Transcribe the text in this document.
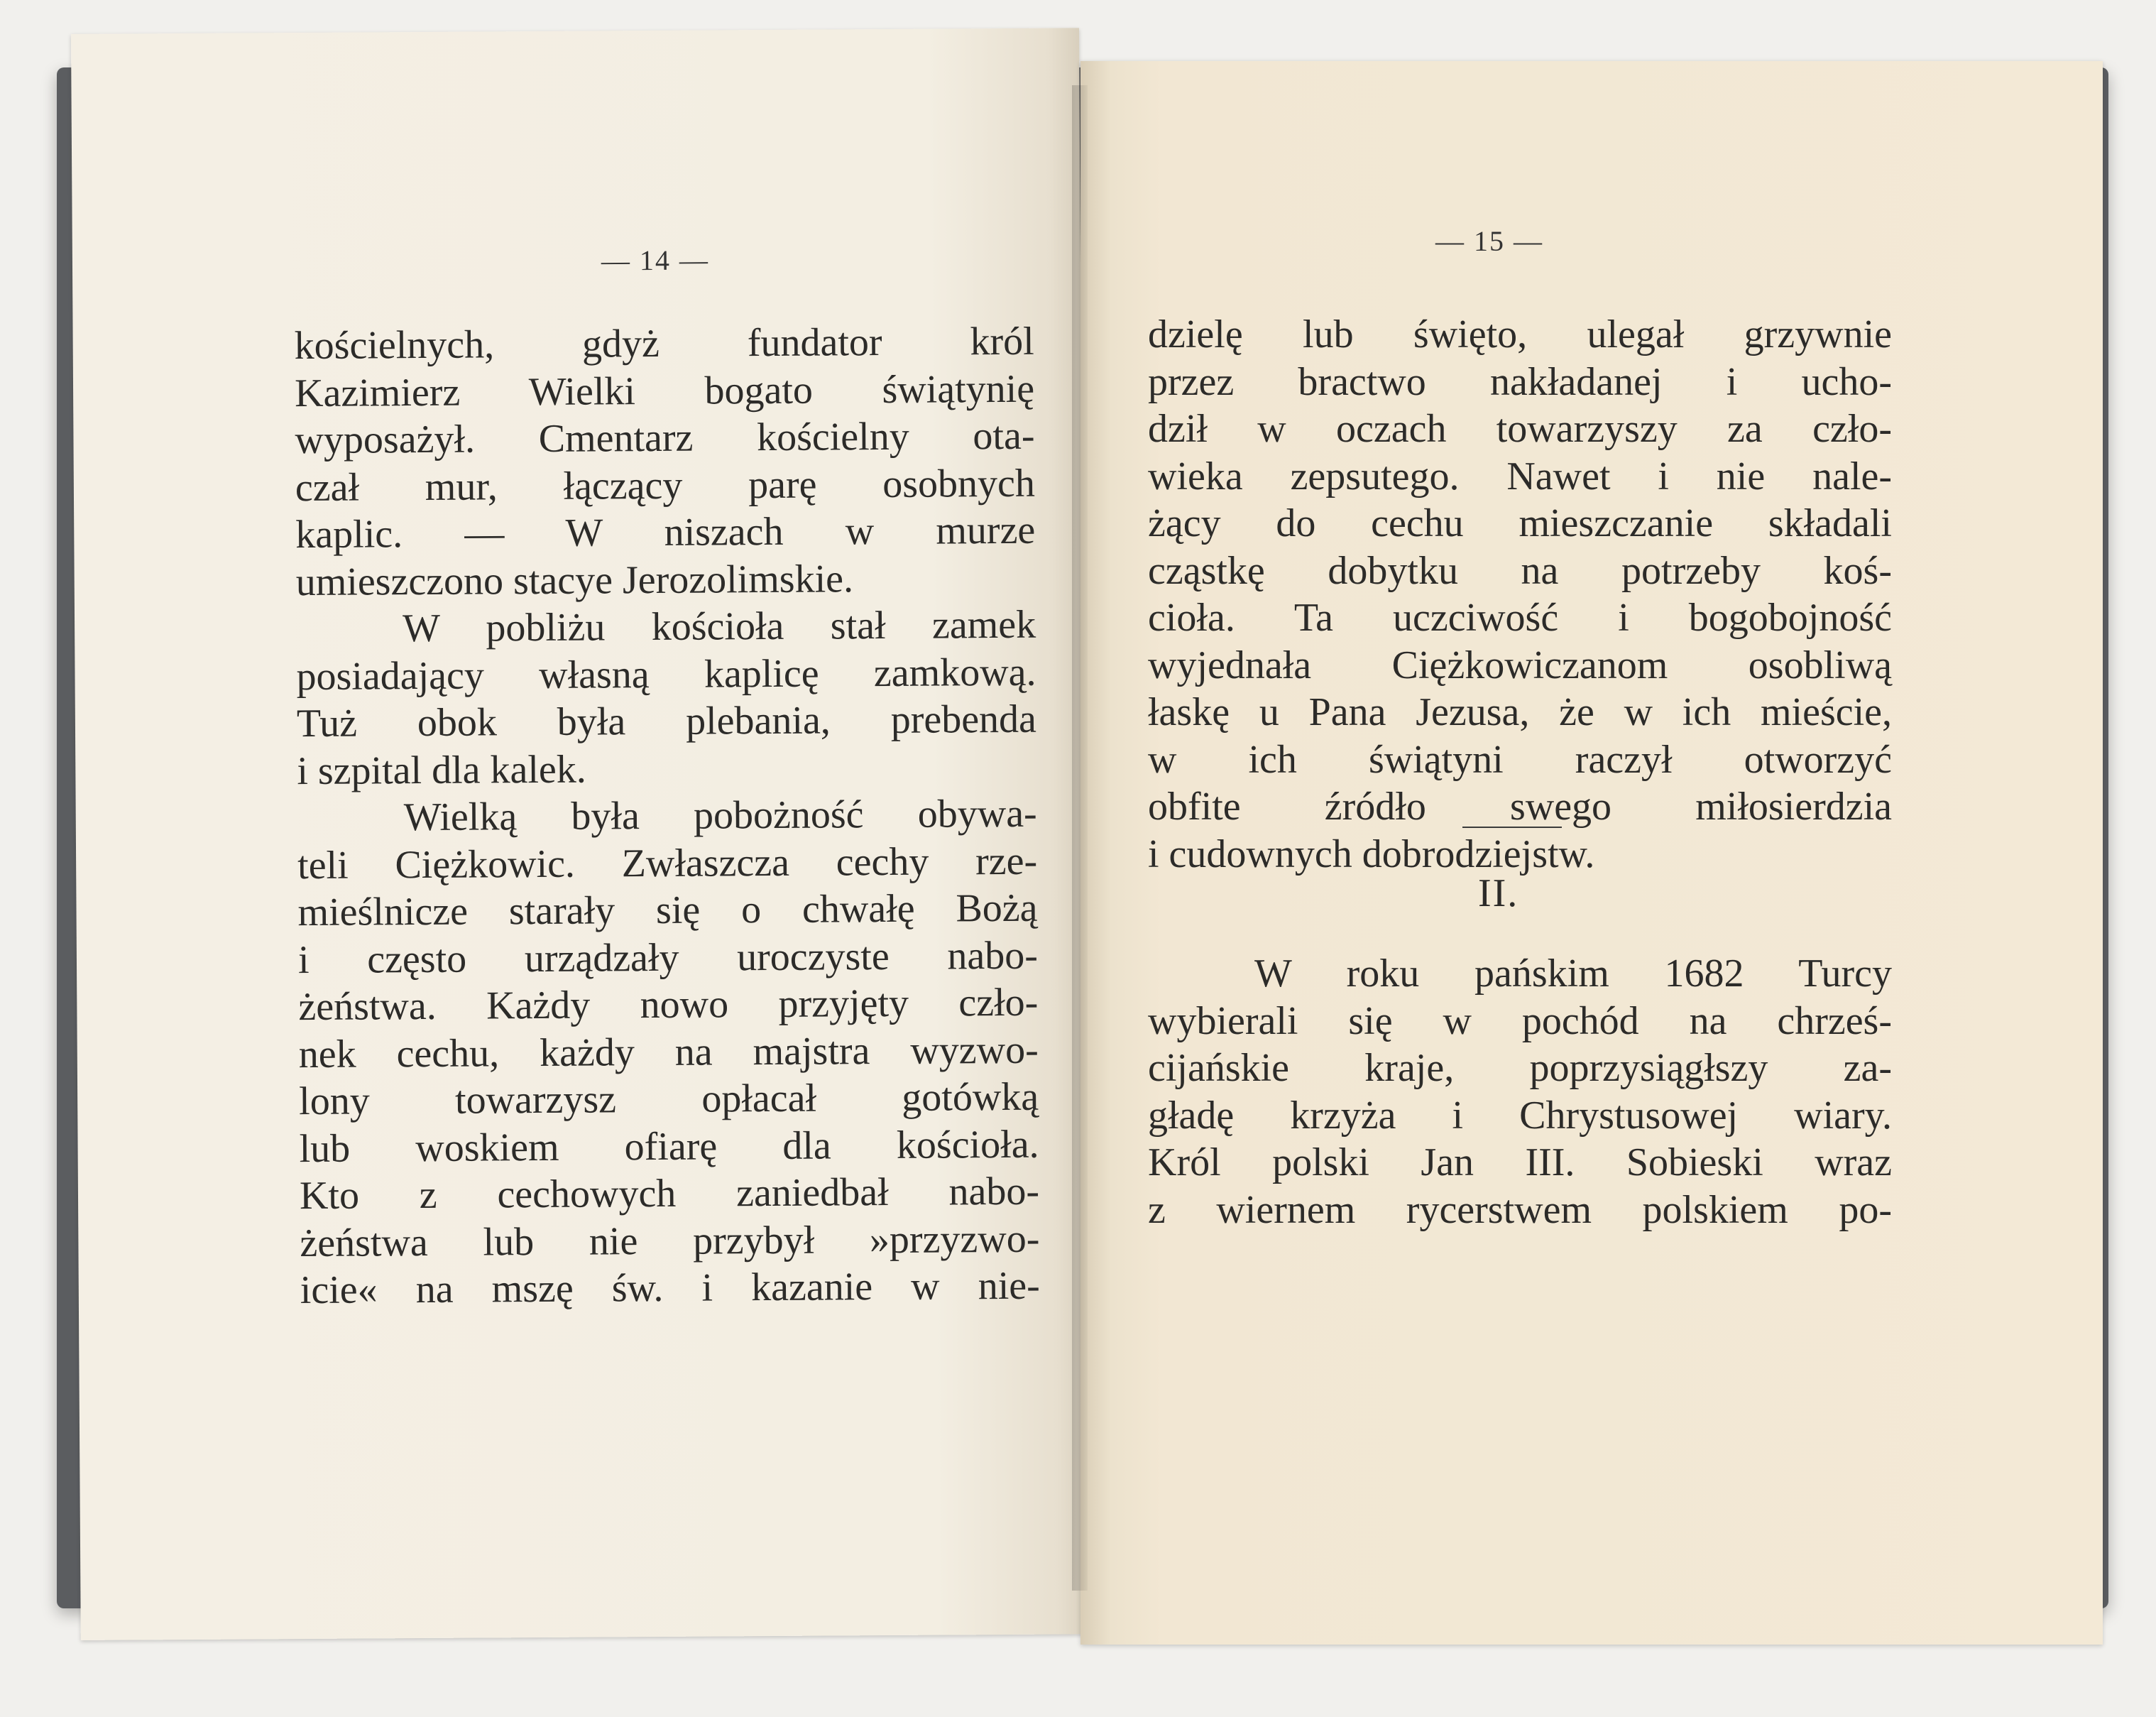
— 14 —
kościelnych, gdyż fundator król
Kazimierz Wielki bogato świątynię
wyposażył. Cmentarz kościelny ota-
czał mur, łączący parę osobnych
kaplic. — W niszach w murze
umieszczono stacye Jerozolimskie.
W pobliżu kościoła stał zamek
posiadający własną kaplicę zamkową.
Tuż obok była plebania, prebenda
i szpital dla kalek.
Wielką była pobożność obywa-
teli Ciężkowic. Zwłaszcza cechy rze-
mieślnicze starały się o chwałę Bożą
i często urządzały uroczyste nabo-
żeństwa. Każdy nowo przyjęty czło-
nek cechu, każdy na majstra wyzwo-
lony towarzysz opłacał gotówką
lub woskiem ofiarę dla kościoła.
Kto z cechowych zaniedbał nabo-
żeństwa lub nie przybył »przyzwo-
icie« na mszę św. i kazanie w nie-
— 15 —
dzielę lub święto, ulegał grzywnie
przez bractwo nakładanej i ucho-
dził w oczach towarzyszy za czło-
wieka zepsutego. Nawet i nie nale-
żący do cechu mieszczanie składali
cząstkę dobytku na potrzeby koś-
cioła. Ta uczciwość i bogobojność
wyjednała Ciężkowiczanom osobliwą
łaskę u Pana Jezusa, że w ich mieście,
w ich świątyni raczył otworzyć
obfite źródło swego miłosierdzia
i cudownych dobrodziejstw.
II.
W roku pańskim 1682 Turcy
wybierali się w pochód na chrześ-
cijańskie kraje, poprzysiągłszy za-
gładę krzyża i Chrystusowej wiary.
Król polski Jan III. Sobieski wraz
z wiernem rycerstwem polskiem po-
